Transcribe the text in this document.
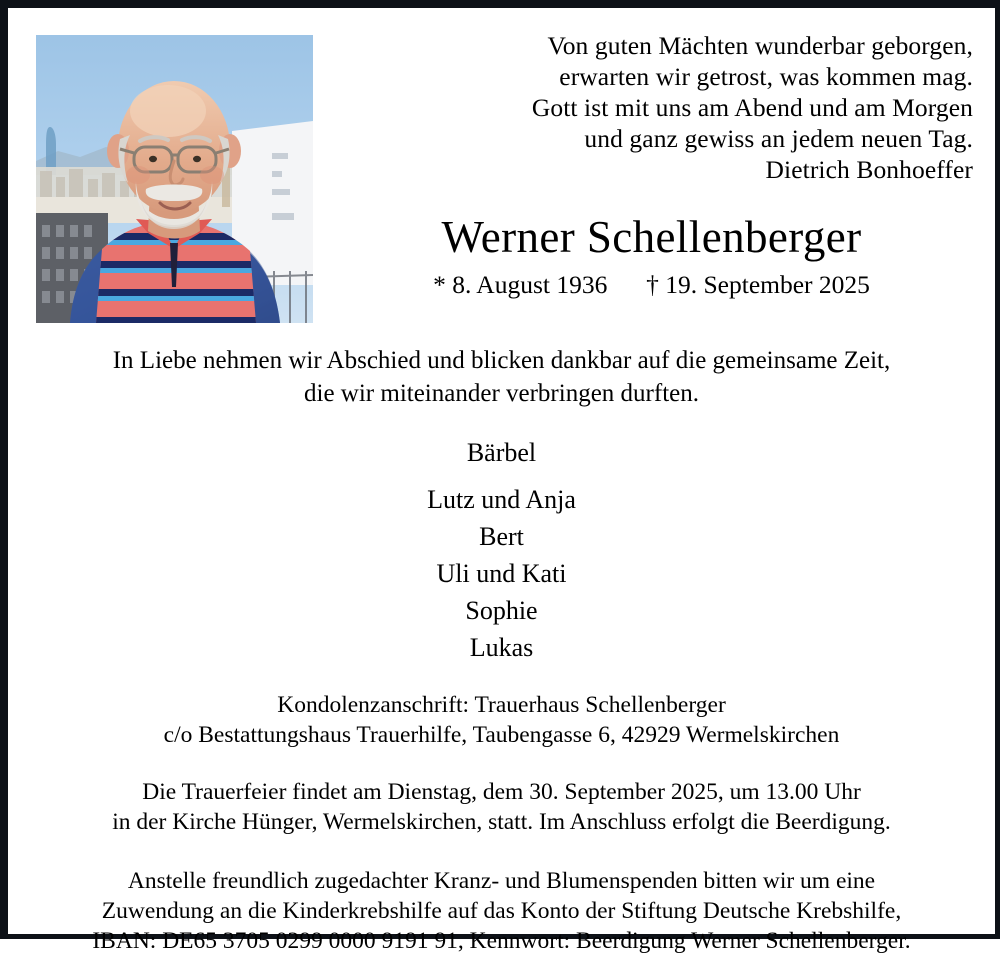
Von guten Mächten wunderbar geborgen,
erwarten wir getrost, was kommen mag.
Gott ist mit uns am Abend und am Morgen
und ganz gewiss an jedem neuen Tag.
Dietrich Bonhoeffer
Werner Schellenberger
* 8. August 1936 † 19. September 2025
In Liebe nehmen wir Abschied und blicken dankbar auf die gemeinsame Zeit,
die wir miteinander verbringen durften.
Bärbel
Lutz und Anja
Bert
Uli und Kati
Sophie
Lukas
Kondolenzanschrift: Trauerhaus Schellenberger
c/o Bestattungshaus Trauerhilfe, Taubengasse 6, 42929 Wermelskirchen
Die Trauerfeier findet am Dienstag, dem 30. September 2025, um 13.00 Uhr
in der Kirche Hünger, Wermelskirchen, statt. Im Anschluss erfolgt die Beerdigung.
Anstelle freundlich zugedachter Kranz- und Blumenspenden bitten wir um eine
Zuwendung an die Kinderkrebshilfe auf das Konto der Stiftung Deutsche Krebshilfe,
IBAN: DE65 3705 0299 0000 9191 91, Kennwort: Beerdigung Werner Schellenberger.
